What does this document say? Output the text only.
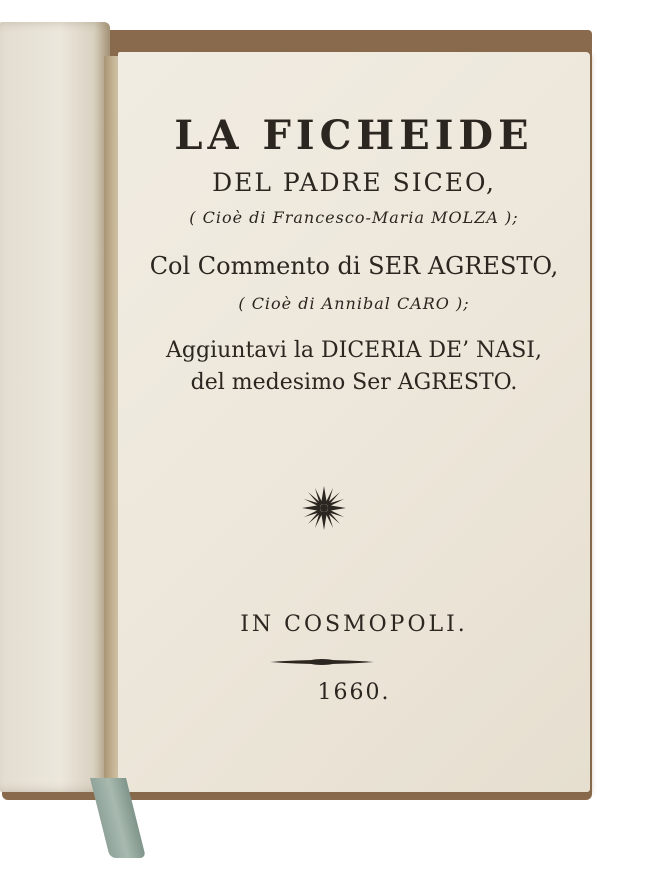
LA FICHEIDE
DEL PADRE SICEO,
( Cioè di Francesco-Maria MOLZA );
Col Commento di SER AGRESTO,
( Cioè di Annibal CARO );
Aggiuntavi la DICERIA DE’ NASI,
del medesimo Ser AGRESTO.
IN COSMOPOLI.
1660.
